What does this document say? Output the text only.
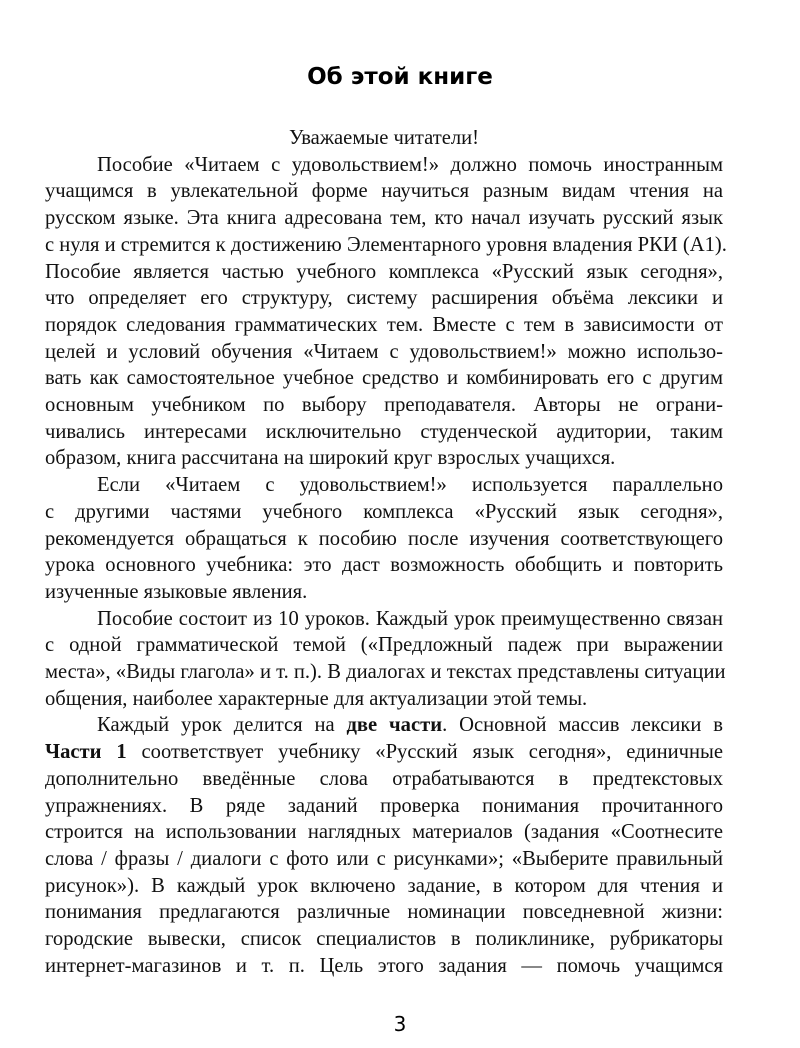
Об этой книге

Уважаемые читатели!

Пособие «Читаем с удовольствием!» должно помочь иностранным
учащимся в увлекательной форме научиться разным видам чтения на
русском языке. Эта книга адресована тем, кто начал изучать русский язык
с нуля и стремится к достижению Элементарного уровня владения РКИ (А1).
Пособие является частью учебного комплекса «Русский язык сегодня»,
что определяет его структуру, систему расширения объёма лексики и
порядок следования грамматических тем. Вместе с тем в зависимости от
целей и условий обучения «Читаем с удовольствием!» можно использо-
вать как самостоятельное учебное средство и комбинировать его с другим
основным учебником по выбору преподавателя. Авторы не ограни-
чивались интересами исключительно студенческой аудитории, таким
образом, книга рассчитана на широкий круг взрослых учащихся.

Если «Читаем с удовольствием!» используется параллельно
с другими частями учебного комплекса «Русский язык сегодня»,
рекомендуется обращаться к пособию после изучения соответствующего
урока основного учебника: это даст возможность обобщить и повторить
изученные языковые явления.

Пособие состоит из 10 уроков. Каждый урок преимущественно связан
с одной грамматической темой («Предложный падеж при выражении
места», «Виды глагола» и т. п.). В диалогах и текстах представлены ситуации
общения, наиболее характерные для актуализации этой темы.

Каждый урок делится на две части. Основной массив лексики в
Части 1 соответствует учебнику «Русский язык сегодня», единичные
дополнительно введённые слова отрабатываются в предтекстовых
упражнениях. В ряде заданий проверка понимания прочитанного
строится на использовании наглядных материалов (задания «Соотнесите
слова / фразы / диалоги с фото или с рисунками»; «Выберите правильный
рисунок»). В каждый урок включено задание, в котором для чтения и
понимания предлагаются различные номинации повседневной жизни:
городские вывески, список специалистов в поликлинике, рубрикаторы
интернет-магазинов и т. п. Цель этого задания — помочь учащимся

3
